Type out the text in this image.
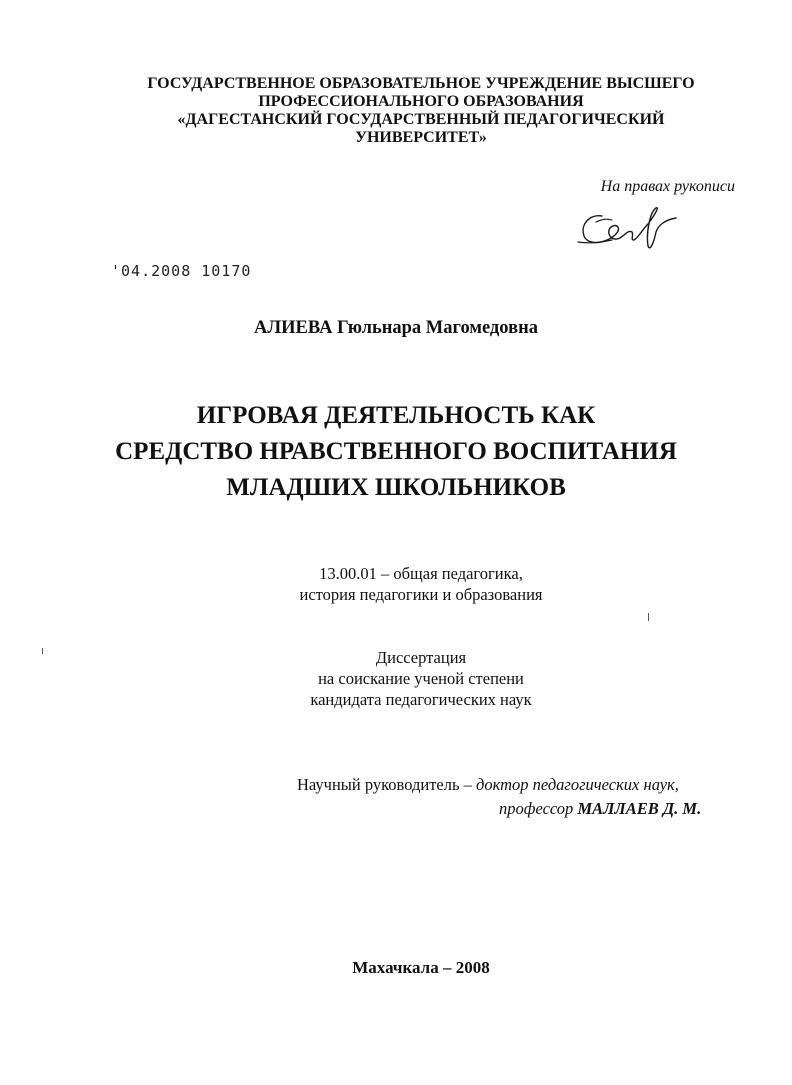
ГОСУДАРСТВЕННОЕ ОБРАЗОВАТЕЛЬНОЕ УЧРЕЖДЕНИЕ ВЫСШЕГО
ПРОФЕССИОНАЛЬНОГО ОБРАЗОВАНИЯ
«ДАГЕСТАНСКИЙ ГОСУДАРСТВЕННЫЙ ПЕДАГОГИЧЕСКИЙ
УНИВЕРСИТЕТ»
На правах рукописи
'04.2008 10170
АЛИЕВА Гюльнара Магомедовна
ИГРОВАЯ ДЕЯТЕЛЬНОСТЬ КАК
СРЕДСТВО НРАВСТВЕННОГО ВОСПИТАНИЯ
МЛАДШИХ ШКОЛЬНИКОВ
13.00.01 – общая педагогика,
история педагогики и образования
Диссертация
на соискание ученой степени
кандидата педагогических наук
Научный руководитель – доктор педагогических наук,
профессор МАЛЛАЕВ Д. М.
Махачкала – 2008
